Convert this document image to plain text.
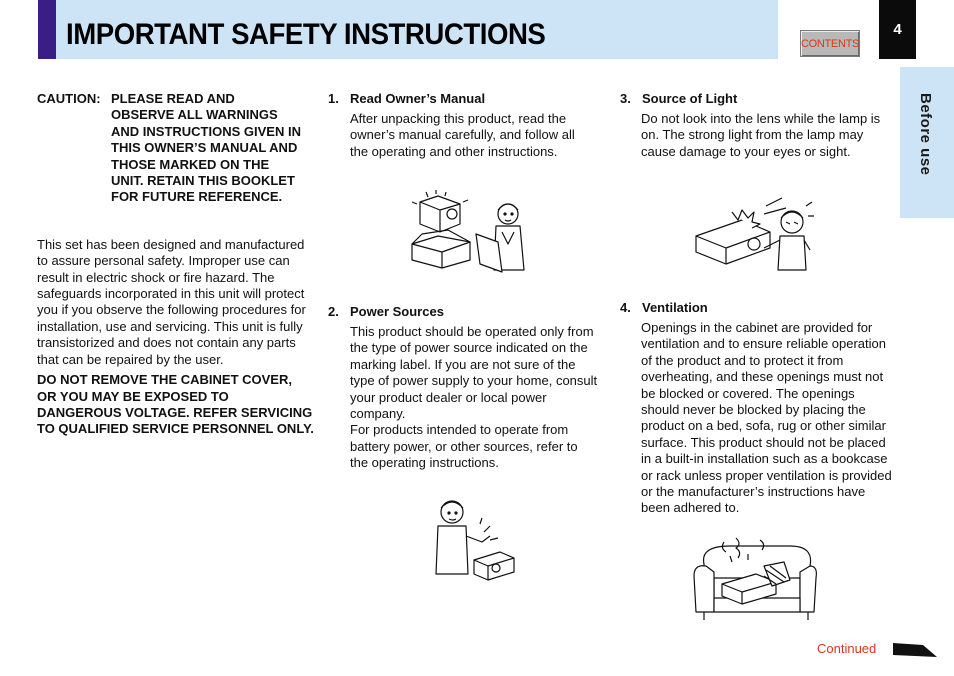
IMPORTANT SAFETY INSTRUCTIONS	CONTENTS
4
Before use
CAUTION: PLEASE READ AND OBSERVE ALL WARNINGS AND INSTRUCTIONS GIVEN IN THIS OWNER’S MANUAL AND THOSE MARKED ON THE UNIT. RETAIN THIS BOOKLET FOR FUTURE REFERENCE.

This set has been designed and manufactured to assure personal safety. Improper use can result in electric shock or fire hazard. The safeguards incorporated in this unit will protect you if you observe the following procedures for installation, use and servicing. This unit is fully transistorized and does not contain any parts that can be repaired by the user.

DO NOT REMOVE THE CABINET COVER, OR YOU MAY BE EXPOSED TO DANGEROUS VOLTAGE. REFER SERVICING TO QUALIFIED SERVICE PERSONNEL ONLY.

1. Read Owner’s Manual

After unpacking this product, read the owner’s manual carefully, and follow all the operating and other instructions.

2. Power Sources

This product should be operated only from the type of power source indicated on the marking label. If you are not sure of the type of power supply to your home, consult your product dealer or local power company.
For products intended to operate from battery power, or other sources, refer to the operating instructions.

3. Source of Light

Do not look into the lens while the lamp is on. The strong light from the lamp may cause damage to your eyes or sight.

4. Ventilation

Openings in the cabinet are provided for ventilation and to ensure reliable operation of the product and to protect it from overheating, and these openings must not be blocked or covered. The openings should never be blocked by placing the product on a bed, sofa, rug or other similar surface. This product should not be placed in a built-in installation such as a bookcase or rack unless proper ventilation is provided or the manufacturer’s instructions have been adhered to.

Continued
